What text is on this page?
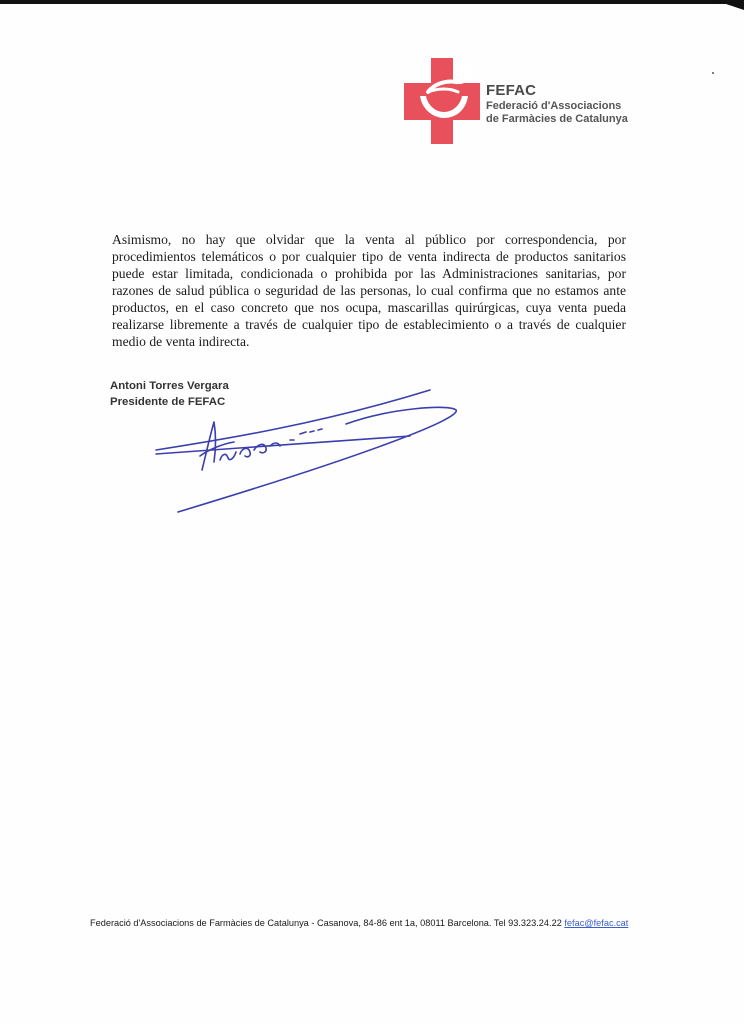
FEFAC
Federació d'Associacions
de Farmàcies de Catalunya

Asimismo, no hay que olvidar que la venta al público por correspondencia, por procedimientos telemáticos o por cualquier tipo de venta indirecta de productos sanitarios puede estar limitada, condicionada o prohibida por las Administraciones sanitarias, por razones de salud pública o seguridad de las personas, lo cual confirma que no estamos ante productos, en el caso concreto que nos ocupa, mascarillas quirúrgicas, cuya venta pueda realizarse libremente a través de cualquier tipo de establecimiento o a través de cualquier medio de venta indirecta.

Antoni Torres Vergara
Presidente de FEFAC
Federació d'Associacions de Farmàcies de Catalunya - Casanova, 84-86 ent 1a, 08011 Barcelona. Tel 93.323.24.22 fefac@fefac.cat
